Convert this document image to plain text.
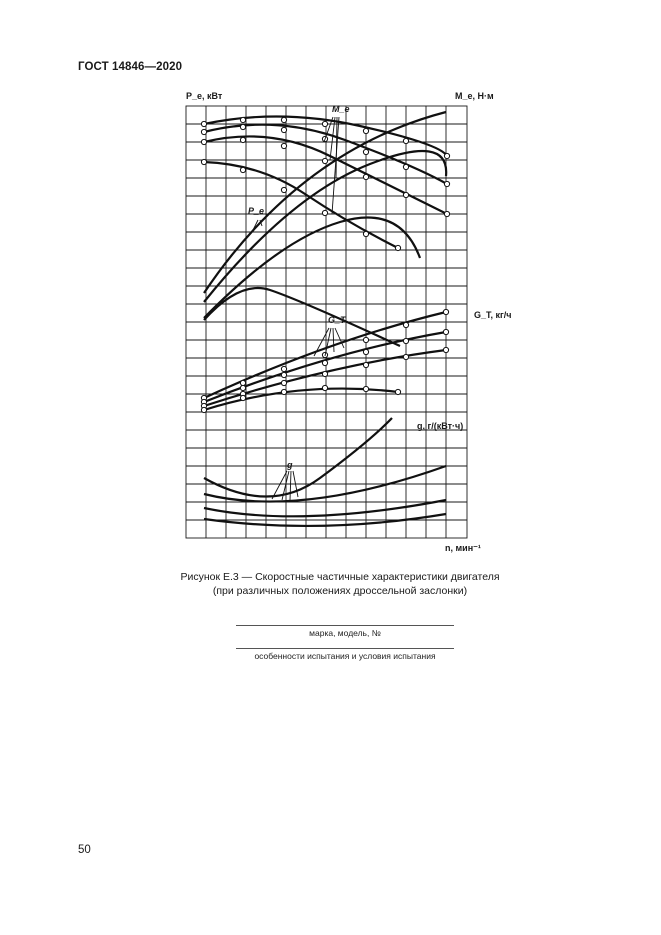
ГОСТ 14846—2020
P_e, кВт	M_e, Н·м
G_T, кг/ч
g, г/(кВт·ч)
n, мин⁻¹
M_e
P_e
G_T
g
Рисунок Е.3 — Скоростные частичные характеристики двигателя
(при различных положениях дроссельной заслонки)
марка, модель, №
особенности испытания и условия испытания
50
